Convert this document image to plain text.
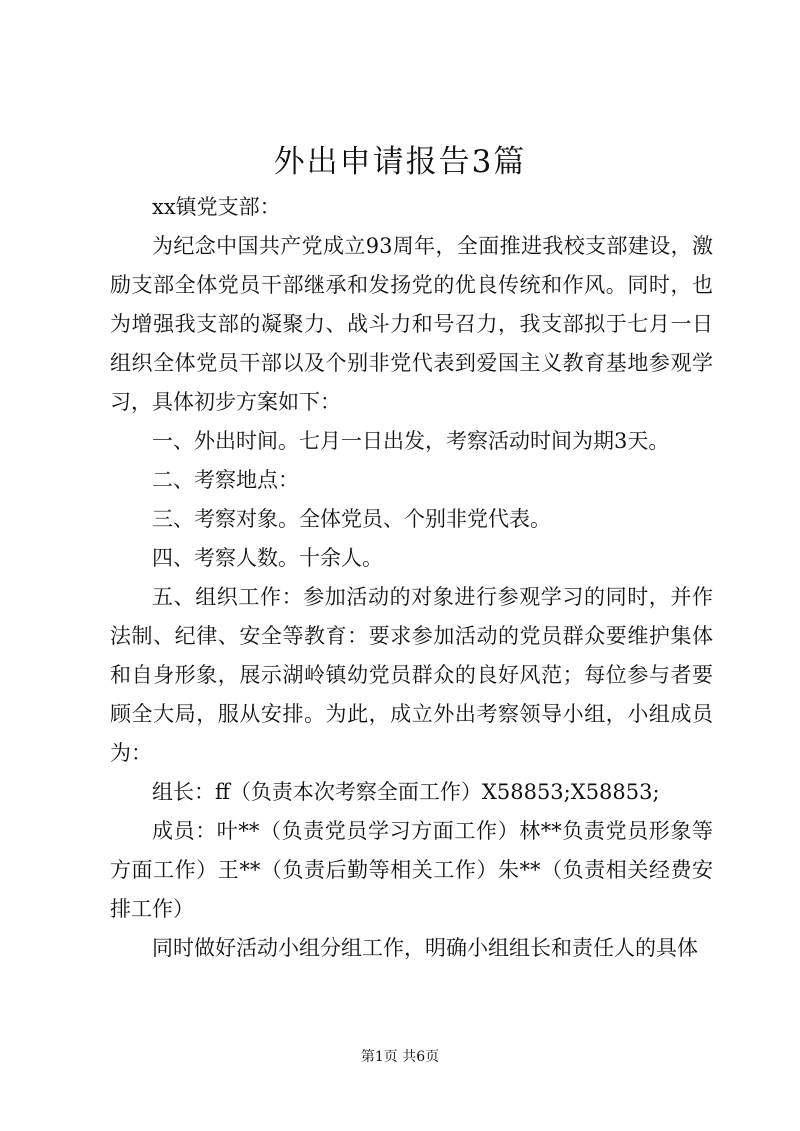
外出申请报告3篇

xx镇党支部：

为纪念中国共产党成立93周年，全面推进我校支部建设，激励支部全体党员干部继承和发扬党的优良传统和作风。同时，也为增强我支部的凝聚力、战斗力和号召力，我支部拟于七月一日组织全体党员干部以及个别非党代表到爱国主义教育基地参观学习，具体初步方案如下：

一、外出时间。七月一日出发，考察活动时间为期3天。

二、考察地点：

三、考察对象。全体党员、个别非党代表。

四、考察人数。十余人。

五、组织工作：参加活动的对象进行参观学习的同时，并作法制、纪律、安全等教育：要求参加活动的党员群众要维护集体和自身形象，展示湖岭镇幼党员群众的良好风范；每位参与者要顾全大局，服从安排。为此，成立外出考察领导小组，小组成员为：

组长：ff（负责本次考察全面工作）X58853;X58853;

成员：叶**（负责党员学习方面工作）林**负责党员形象等方面工作）王**（负责后勤等相关工作）朱**（负责相关经费安排工作）

同时做好活动小组分组工作，明确小组组长和责任人的具体

第1页 共6页
